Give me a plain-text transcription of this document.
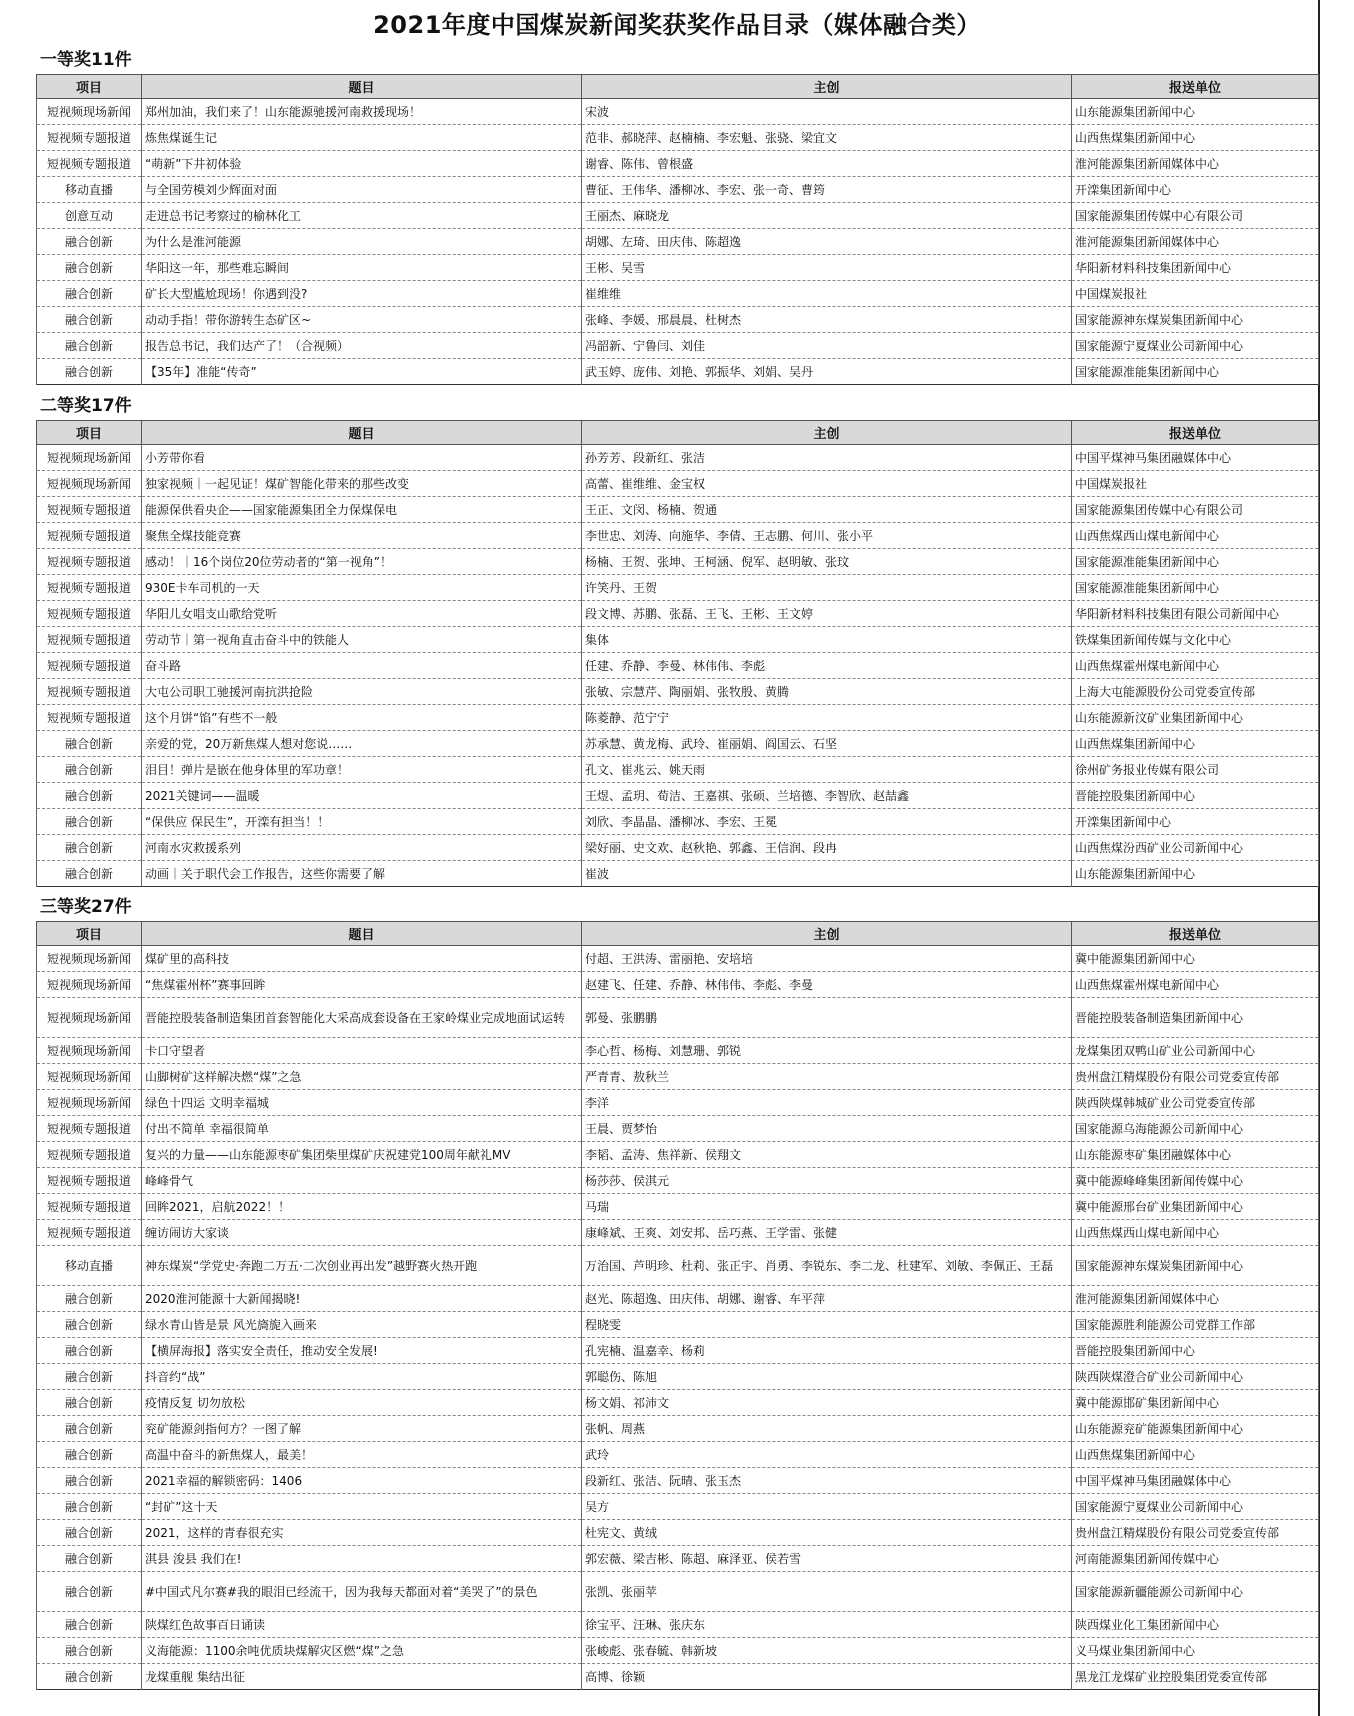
2021年度中国煤炭新闻奖获奖作品目录（媒体融合类）
一等奖11件
项目	题目	主创	报送单位
短视频现场新闻	郑州加油，我们来了！山东能源驰援河南救援现场！	宋波	山东能源集团新闻中心
短视频专题报道	炼焦煤诞生记	范非、郝晓萍、赵楠楠、李宏魁、张骁、梁宜文	山西焦煤集团新闻中心
短视频专题报道	“萌新”下井初体验	谢睿、陈伟、曾根盛	淮河能源集团新闻媒体中心
移动直播	与全国劳模刘少辉面对面	曹征、王伟华、潘柳冰、李宏、张一奇、曹筠	开滦集团新闻中心
创意互动	走进总书记考察过的榆林化工	王丽杰、麻晓龙	国家能源集团传媒中心有限公司
融合创新	为什么是淮河能源	胡娜、左琦、田庆伟、陈超逸	淮河能源集团新闻媒体中心
融合创新	华阳这一年，那些难忘瞬间	王彬、吴雪	华阳新材料科技集团新闻中心
融合创新	矿长大型尴尬现场！你遇到没?	崔维维	中国煤炭报社
融合创新	动动手指！带你游转生态矿区~	张峰、李媛、邢晨晨、杜树杰	国家能源神东煤炭集团新闻中心
融合创新	报告总书记，我们达产了！（合视频）	冯韶新、宁鲁闫、刘佳	国家能源宁夏煤业公司新闻中心
融合创新	【35年】准能“传奇”	武玉婷、庞伟、刘艳、郭振华、刘娟、吴丹	国家能源准能集团新闻中心
二等奖17件
项目	题目	主创	报送单位
短视频现场新闻	小芳带你看	孙芳芳、段新红、张洁	中国平煤神马集团融媒体中心
短视频现场新闻	独家视频｜一起见证！煤矿智能化带来的那些改变	高蕾、崔维维、金宝权	中国煤炭报社
短视频专题报道	能源保供看央企——国家能源集团全力保煤保电	王正、文闵、杨楠、贺通	国家能源集团传媒中心有限公司
短视频专题报道	聚焦全煤技能竞赛	李世忠、刘涛、向施华、李倩、王志鹏、何川、张小平	山西焦煤西山煤电新闻中心
短视频专题报道	感动！｜16个岗位20位劳动者的“第一视角”！	杨楠、王贺、张坤、王柯涵、倪军、赵明敏、张玟	国家能源准能集团新闻中心
短视频专题报道	930E卡车司机的一天	许笑丹、王贺	国家能源准能集团新闻中心
短视频专题报道	华阳儿女唱支山歌给党听	段文博、苏鹏、张磊、王飞、王彬、王文婷	华阳新材料科技集团有限公司新闻中心
短视频专题报道	劳动节｜第一视角直击奋斗中的铁能人	集体	铁煤集团新闻传媒与文化中心
短视频专题报道	奋斗路	任建、乔静、李曼、林伟伟、李彪	山西焦煤霍州煤电新闻中心
短视频专题报道	大屯公司职工驰援河南抗洪抢险	张敏、宗慧芹、陶丽娟、张牧殷、黄腾	上海大屯能源股份公司党委宣传部
短视频专题报道	这个月饼“馅”有些不一般	陈菱静、范宁宁	山东能源新汶矿业集团新闻中心
融合创新	亲爱的党，20万新焦煤人想对您说……	苏承慧、黄龙梅、武玲、崔丽娟、阎国云、石坚	山西焦煤集团新闻中心
融合创新	泪目！弹片是嵌在他身体里的军功章！	孔文、崔兆云、姚天雨	徐州矿务报业传媒有限公司
融合创新	2021关键词——温暖	王煜、孟玥、荀洁、王嘉祺、张硕、兰培德、李智欣、赵喆鑫	晋能控股集团新闻中心
融合创新	“保供应 保民生”，开滦有担当！！	刘欣、李晶晶、潘柳冰、李宏、王冕	开滦集团新闻中心
融合创新	河南水灾救援系列	梁好丽、史文欢、赵秋艳、郭鑫、王信润、段冉	山西焦煤汾西矿业公司新闻中心
融合创新	动画｜关于职代会工作报告，这些你需要了解	崔波	山东能源集团新闻中心
三等奖27件
项目	题目	主创	报送单位
短视频现场新闻	煤矿里的高科技	付超、王洪涛、雷丽艳、安培培	冀中能源集团新闻中心
短视频现场新闻	“焦煤霍州杯”赛事回眸	赵建飞、任建、乔静、林伟伟、李彪、李曼	山西焦煤霍州煤电新闻中心
短视频现场新闻	晋能控股装备制造集团首套智能化大采高成套设备在王家岭煤业完成地面试运转	郭曼、张鹏鹏	晋能控股装备制造集团新闻中心
短视频现场新闻	卡口守望者	李心哲、杨梅、刘慧珊、郭锐	龙煤集团双鸭山矿业公司新闻中心
短视频现场新闻	山脚树矿这样解决燃“煤”之急	严青青、敖秋兰	贵州盘江精煤股份有限公司党委宣传部
短视频现场新闻	绿色十四运 文明幸福城	李洋	陕西陕煤韩城矿业公司党委宣传部
短视频专题报道	付出不简单 幸福很简单	王晨、贾梦怡	国家能源乌海能源公司新闻中心
短视频专题报道	复兴的力量——山东能源枣矿集团柴里煤矿庆祝建党100周年献礼MV	李韬、孟涛、焦祥新、侯翔文	山东能源枣矿集团融媒体中心
短视频专题报道	峰峰骨气	杨莎莎、侯淇元	冀中能源峰峰集团新闻传媒中心
短视频专题报道	回眸2021，启航2022！！	马瑞	冀中能源邢台矿业集团新闻中心
短视频专题报道	缠访闹访大家谈	康峰斌、王爽、刘安邦、岳巧燕、王学雷、张健	山西焦煤西山煤电新闻中心
移动直播	神东煤炭“学党史·奔跑二万五·二次创业再出发”越野赛火热开跑	万治国、芦明珍、杜莉、张正宇、肖勇、李锐东、李二龙、杜建军、刘敏、李佩正、王磊	国家能源神东煤炭集团新闻中心
融合创新	2020淮河能源十大新闻揭晓!	赵光、陈超逸、田庆伟、胡娜、谢睿、车平萍	淮河能源集团新闻媒体中心
融合创新	绿水青山皆是景 风光旖旎入画来	程晓雯	国家能源胜利能源公司党群工作部
融合创新	【横屏海报】落实安全责任，推动安全发展!	孔宪楠、温嘉幸、杨莉	晋能控股集团新闻中心
融合创新	抖音约“战”	郭聪伤、陈旭	陕西陕煤澄合矿业公司新闻中心
融合创新	疫情反复 切勿放松	杨文娟、祁沛文	冀中能源邯矿集团新闻中心
融合创新	兖矿能源剑指何方？一图了解	张帆、周燕	山东能源兖矿能源集团新闻中心
融合创新	高温中奋斗的新焦煤人，最美！	武玲	山西焦煤集团新闻中心
融合创新	2021幸福的解锁密码：1406	段新红、张洁、阮晴、张玉杰	中国平煤神马集团融媒体中心
融合创新	“封矿”这十天	吴方	国家能源宁夏煤业公司新闻中心
融合创新	2021，这样的青春很充实	杜宪文、黄绒	贵州盘江精煤股份有限公司党委宣传部
融合创新	淇县 浚县 我们在!	郭宏薇、梁吉彬、陈超、麻泽亚、侯若雪	河南能源集团新闻传媒中心
融合创新	#中国式凡尔赛#我的眼泪已经流干，因为我每天都面对着“美哭了”的景色	张凯、张丽苹	国家能源新疆能源公司新闻中心
融合创新	陕煤红色故事百日诵读	徐宝平、汪琳、张庆东	陕西煤业化工集团新闻中心
融合创新	义海能源：1100余吨优质块煤解灾区燃“煤”之急	张峻彪、张春毓、韩新坡	义马煤业集团新闻中心
融合创新	龙煤重舰 集结出征	高博、徐颖	黑龙江龙煤矿业控股集团党委宣传部
